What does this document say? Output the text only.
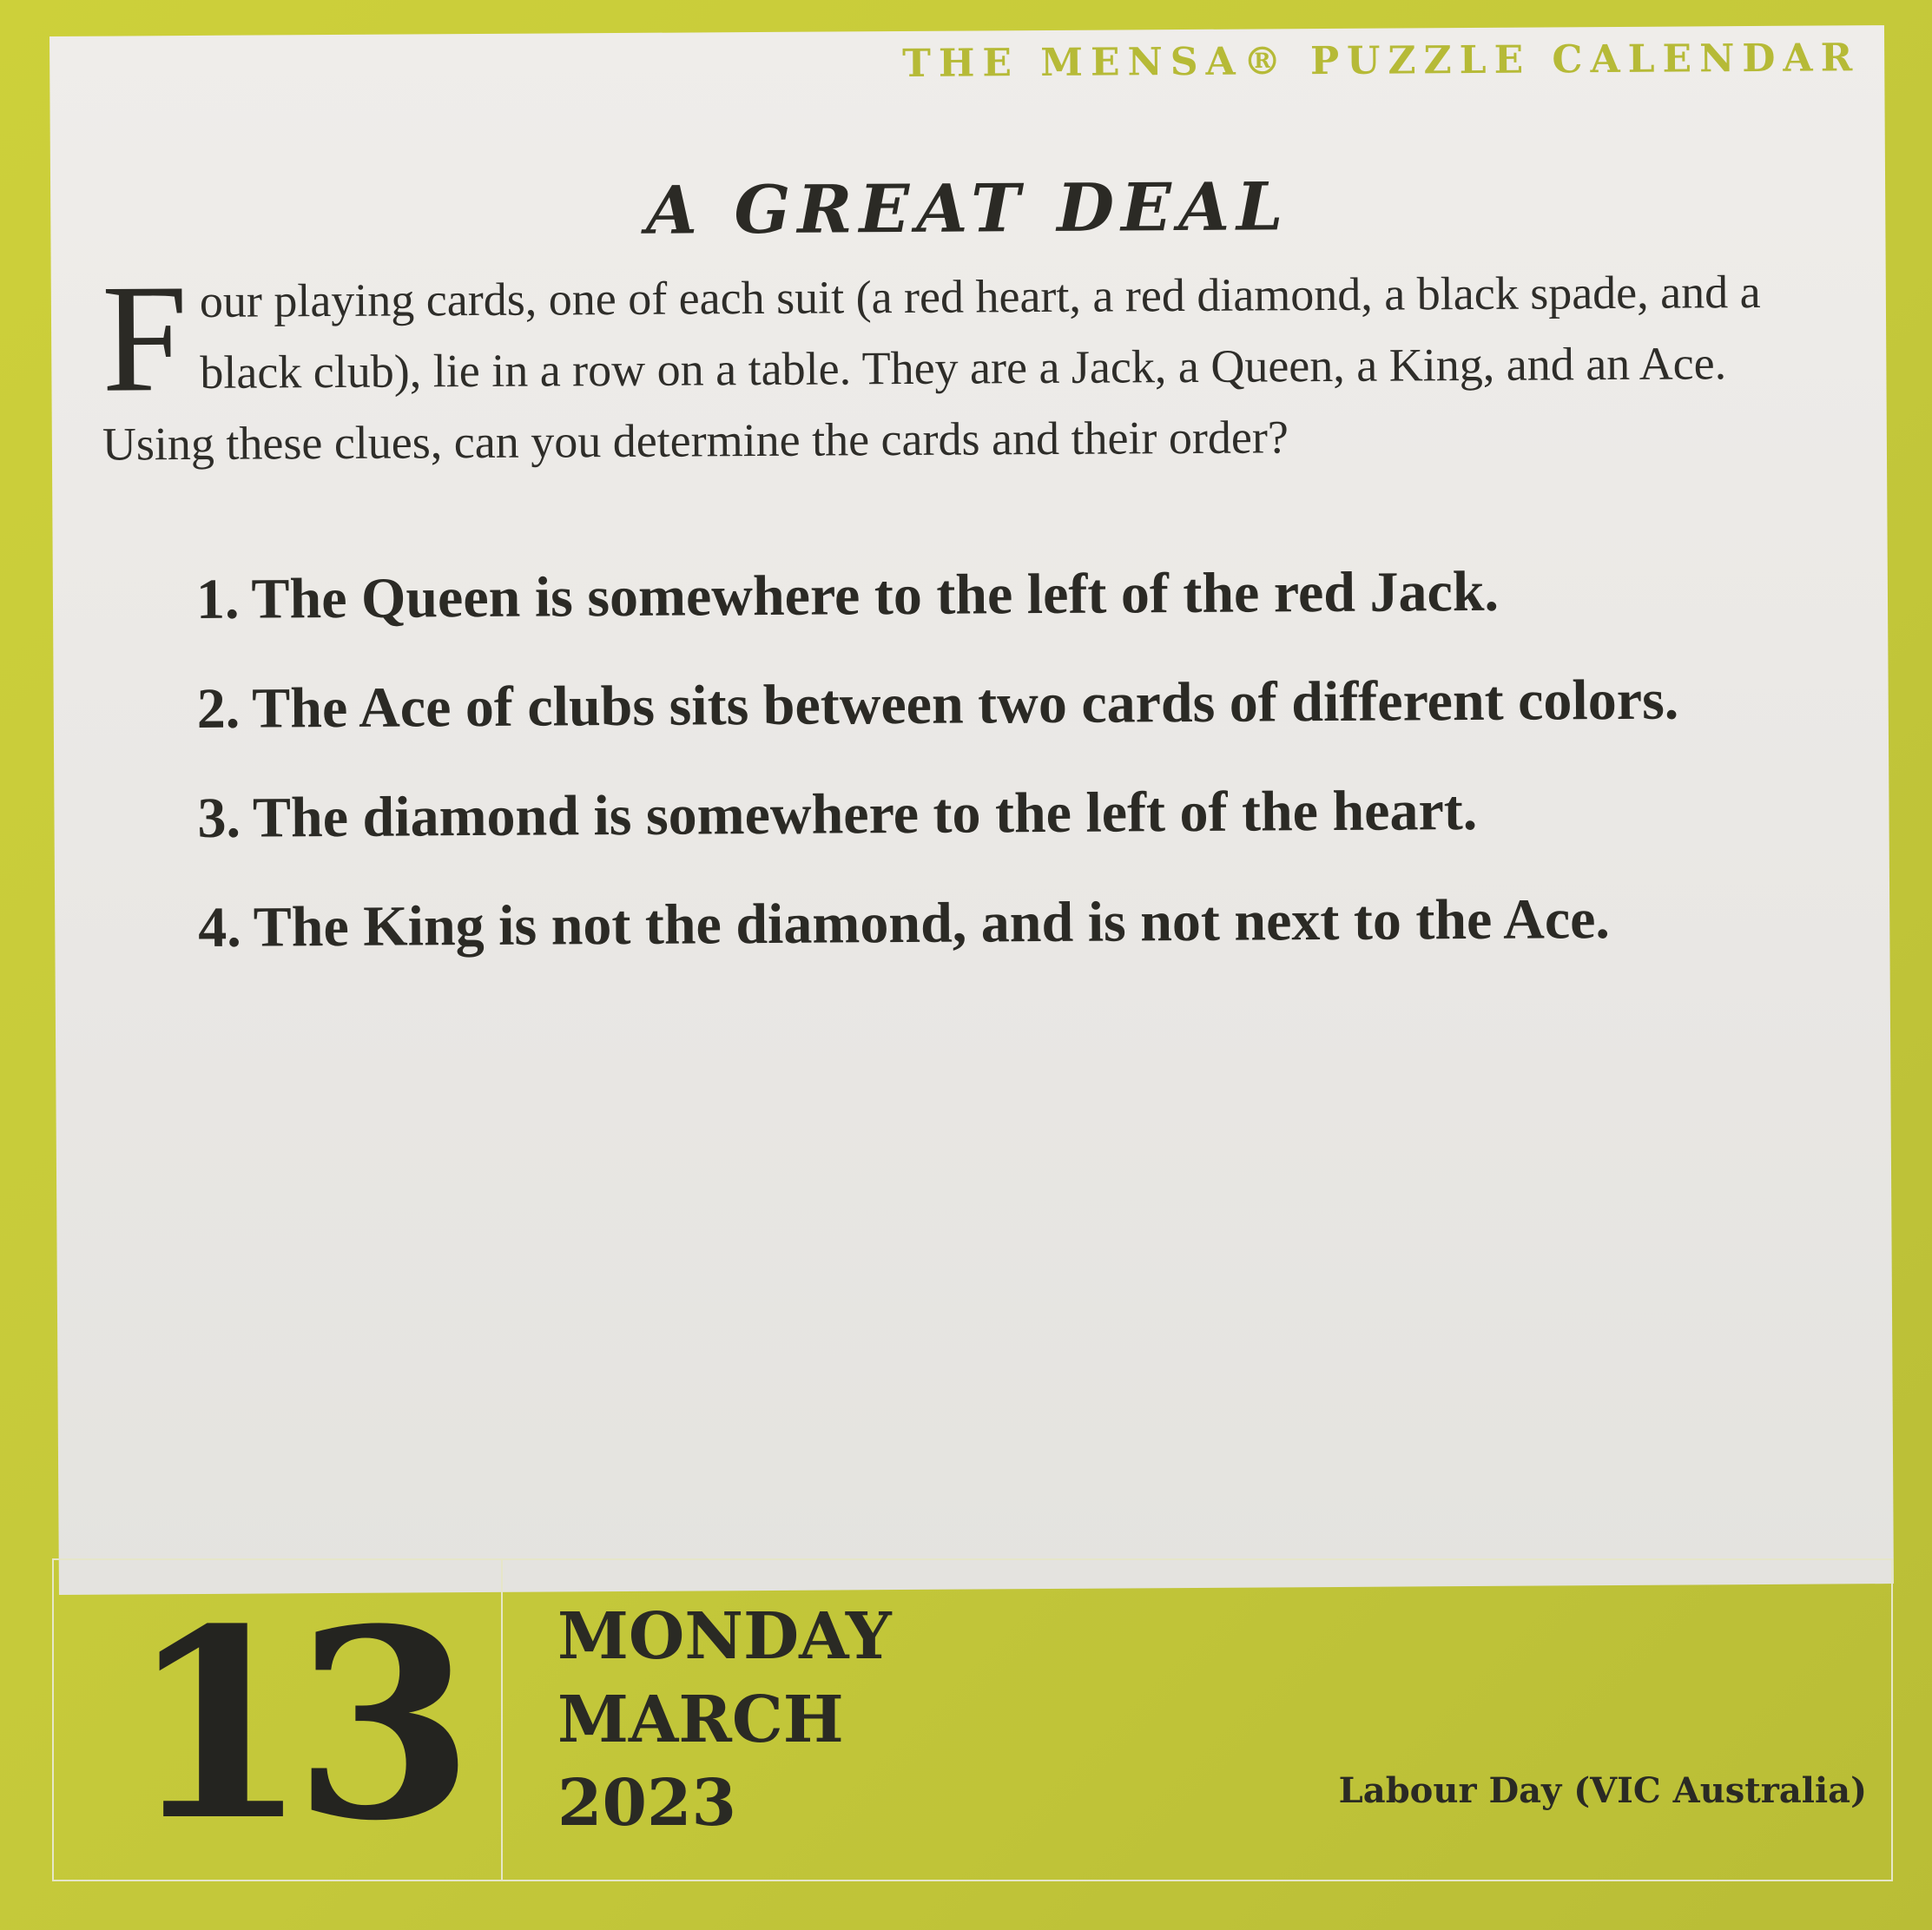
THE MENSA® PUZZLE CALENDAR
A GREAT DEAL
F our playing cards, one of each suit (a red heart, a red diamond, a black spade, and a black club), lie in a row on a table. They are a Jack, a Queen, a King, and an Ace. Using these clues, can you determine the cards and their order?
1. The Queen is somewhere to the left of the red Jack.
2. The Ace of clubs sits between two cards of different colors.
3. The diamond is somewhere to the left of the heart.
4. The King is not the diamond, and is not next to the Ace.
13 MONDAY
MARCH
2023	Labour Day (VIC Australia)
